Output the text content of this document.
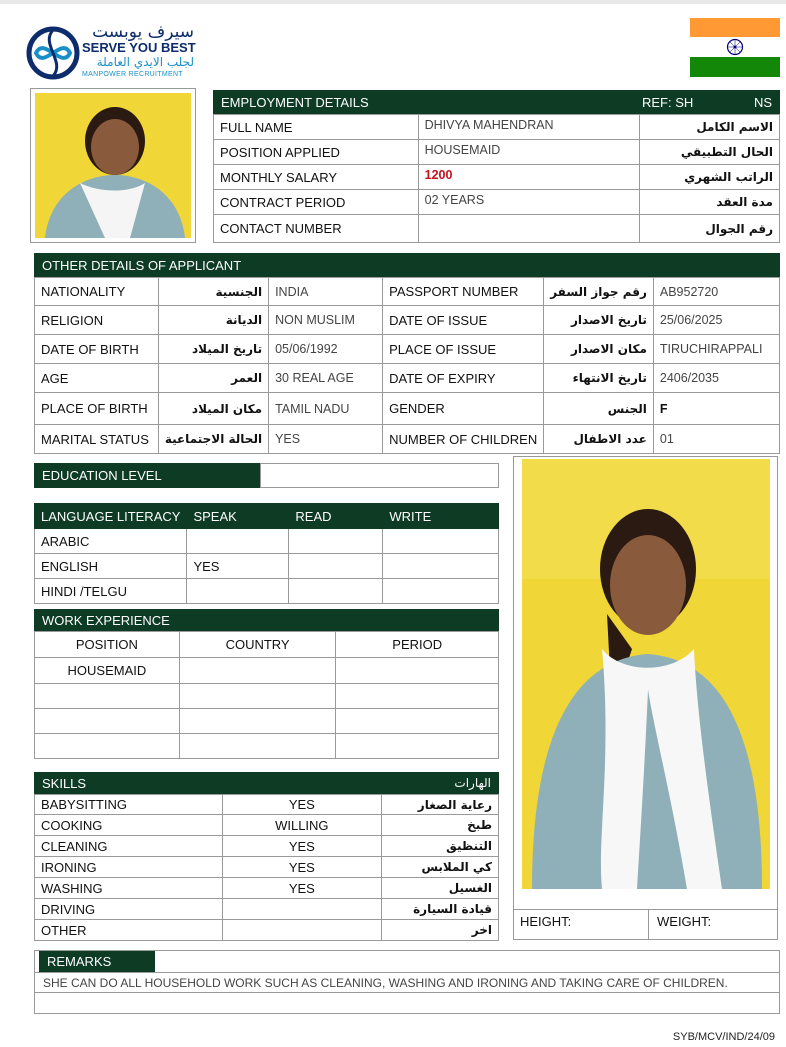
سيرف يوبست
SERVE YOU BEST
لجلب الايدي العاملة
MANPOWER RECRUITMENT
EMPLOYMENT DETAILS	REF: SH	NS
FULL NAME	DHIVYA MAHENDRAN	الاسم الكامل
POSITION APPLIED	HOUSEMAID	الحال التطبيقي
MONTHLY SALARY	1200	الراتب الشهري
CONTRACT PERIOD	02 YEARS	مدة العقد
CONTACT NUMBER		رقم الجوال
OTHER DETAILS OF APPLICANT
NATIONALITY	الجنسية	INDIA	PASSPORT NUMBER	رقم جواز السفر	AB952720
RELIGION	الديانة	NON MUSLIM	DATE OF ISSUE	تاريخ الاصدار	25/06/2025
DATE OF BIRTH	تاريخ الميلاد	05/06/1992	PLACE OF ISSUE	مكان الاصدار	TIRUCHIRAPPALI
AGE	العمر	30 REAL AGE	DATE OF EXPIRY	تاريخ الانتهاء	2406/2035
PLACE OF BIRTH	مكان الميلاد	TAMIL NADU	GENDER	الجنس	F
MARITAL STATUS	الحالة الاجتماعية	YES	NUMBER OF CHILDREN	عدد الاطفال	01
EDUCATION LEVEL
LANGUAGE LITERACY	SPEAK	READ	WRITE
ARABIC			
ENGLISH	YES		
HINDI /TELGU			
WORK EXPERIENCE
POSITION	COUNTRY	PERIOD
HOUSEMAID		

SKILLS	الهارات
BABYSITTING	YES	رعاية الصغار
COOKING	WILLING	طبخ
CLEANING	YES	التنظيق
IRONING	YES	كي الملابس
WASHING	YES	الغسيل
DRIVING		قيادة السيارة
OTHER		اخر
HEIGHT:	WEIGHT:
REMARKS
SHE CAN DO ALL HOUSEHOLD WORK SUCH AS CLEANING, WASHING AND IRONING AND TAKING CARE OF CHILDREN.
SYB/MCV/IND/24/09
